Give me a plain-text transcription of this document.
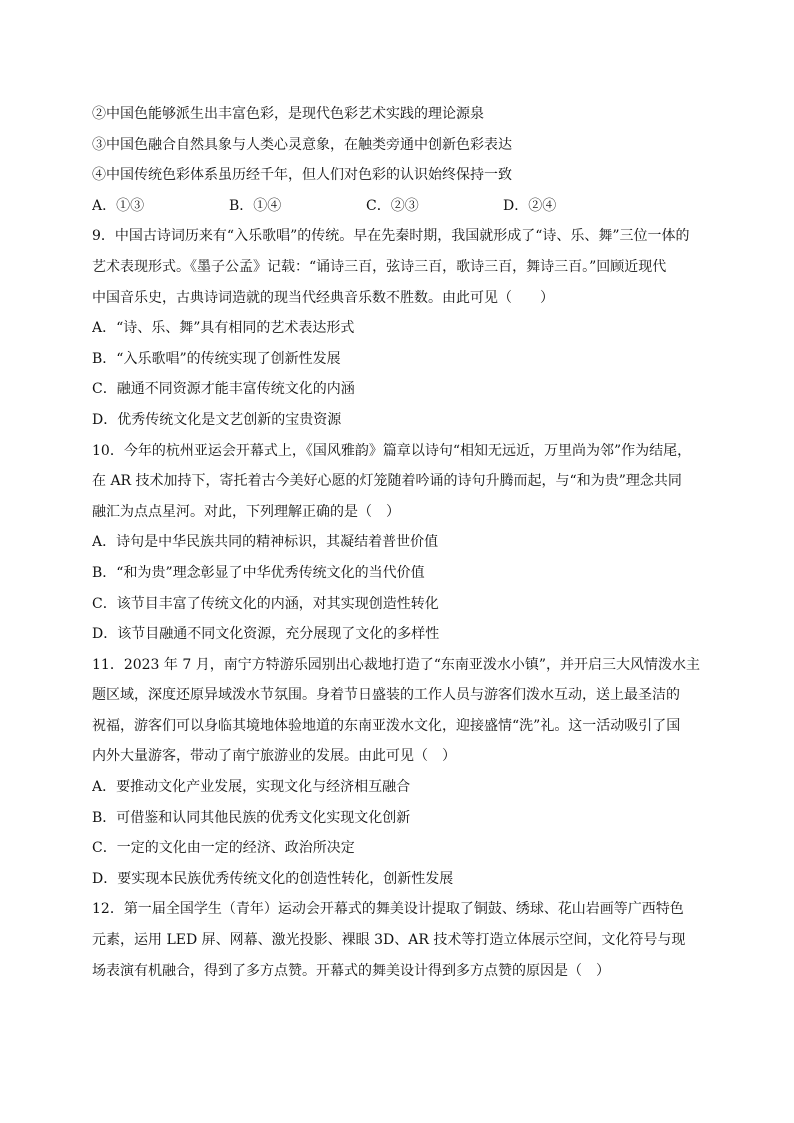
②中国色能够派生出丰富色彩，是现代色彩艺术实践的理论源泉
③中国色融合自然具象与人类心灵意象，在触类旁通中创新色彩表达
④中国传统色彩体系虽历经千年，但人们对色彩的认识始终保持一致
A．①③	B．①④	C．②③	D．②④
9．中国古诗词历来有“入乐歌唱”的传统。早在先秦时期，我国就形成了“诗、乐、舞”三位一体的
艺术表现形式。《墨子公孟》记载：“诵诗三百，弦诗三百，歌诗三百，舞诗三百。”回顾近现代
中国音乐史，古典诗词造就的现当代经典音乐数不胜数。由此可见（　　）
A．“诗、乐、舞”具有相同的艺术表达形式
B．“入乐歌唱”的传统实现了创新性发展
C．融通不同资源才能丰富传统文化的内涵
D．优秀传统文化是文艺创新的宝贵资源
10．今年的杭州亚运会开幕式上，《国风雅韵》篇章以诗句“相知无远近，万里尚为邻”作为结尾，
在 AR 技术加持下，寄托着古今美好心愿的灯笼随着吟诵的诗句升腾而起，与“和为贵”理念共同
融汇为点点星河。对此，下列理解正确的是（　）
A．诗句是中华民族共同的精神标识，其凝结着普世价值
B．“和为贵”理念彰显了中华优秀传统文化的当代价值
C．该节目丰富了传统文化的内涵，对其实现创造性转化
D．该节目融通不同文化资源，充分展现了文化的多样性
11．2023 年 7 月，南宁方特游乐园别出心裁地打造了“东南亚泼水小镇”，并开启三大风情泼水主
题区域，深度还原异域泼水节氛围。身着节日盛装的工作人员与游客们泼水互动，送上最圣洁的
祝福，游客们可以身临其境地体验地道的东南亚泼水文化，迎接盛情“洗”礼。这一活动吸引了国
内外大量游客，带动了南宁旅游业的发展。由此可见（　）
A．要推动文化产业发展，实现文化与经济相互融合
B．可借鉴和认同其他民族的优秀文化实现文化创新
C．一定的文化由一定的经济、政治所决定
D．要实现本民族优秀传统文化的创造性转化，创新性发展
12．第一届全国学生（青年）运动会开幕式的舞美设计提取了铜鼓、绣球、花山岩画等广西特色
元素，运用 LED 屏、网幕、激光投影、裸眼 3D、AR 技术等打造立体展示空间，文化符号与现
场表演有机融合，得到了多方点赞。开幕式的舞美设计得到多方点赞的原因是（　）
